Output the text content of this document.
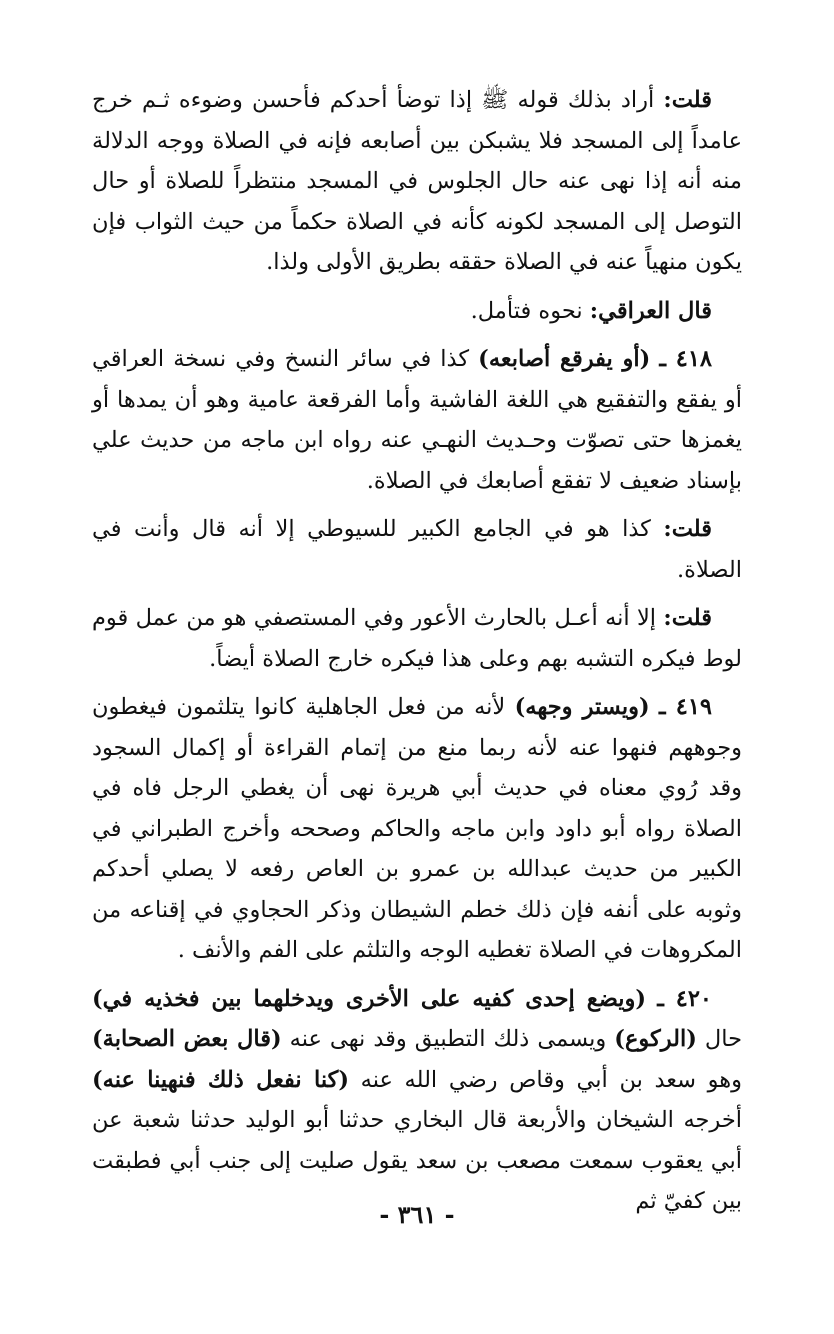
قلت: أراد بذلك قوله ﷺ إذا توضأ أحدكم فأحسن وضوءه ثـم خرج عامداً إلى المسجد فلا يشبكن بين أصابعه فإنه في الصلاة ووجه الدلالة منه أنه إذا نهى عنه حال الجلوس في المسجد منتظراً للصلاة أو حال التوصل إلى المسجد لكونه كأنه في الصلاة حكماً من حيث الثواب فإن يكون منهياً عنه في الصلاة حققه بطريق الأولى ولذا.

قال العراقي: نحوه فتأمل.

٤١٨ ـ (أو يفرقع أصابعه) كذا في سائر النسخ وفي نسخة العراقي أو يفقع والتفقيع هي اللغة الفاشية وأما الفرقعة عامية وهو أن يمدها أو يغمزها حتى تصوّت وحـديث النهـي عنه رواه ابن ماجه من حديث علي بإسناد ضعيف لا تفقع أصابعك في الصلاة.

قلت: كذا هو في الجامع الكبير للسيوطي إلا أنه قال وأنت في الصلاة.

قلت: إلا أنه أعـل بالحارث الأعور وفي المستصفي هو من عمل قوم لوط فيكره التشبه بهم وعلى هذا فيكره خارج الصلاة أيضاً.

٤١٩ ـ (ويستر وجهه) لأنه من فعل الجاهلية كانوا يتلثمون فيغطون وجوههم فنهوا عنه لأنه ربما منع من إتمام القراءة أو إكمال السجود وقد رُوي معناه في حديث أبي هريرة نهى أن يغطي الرجل فاه في الصلاة رواه أبو داود وابن ماجه والحاكم وصححه وأخرج الطبراني في الكبير من حديث عبدالله بن عمرو بن العاص رفعه لا يصلي أحدكم وثوبه على أنفه فإن ذلك خطم الشيطان وذكر الحجاوي في إقناعه من المكروهات في الصلاة تغطيه الوجه والتلثم على الفم والأنف .

٤٢٠ ـ (ويضع إحدى كفيه على الأخرى ويدخلهما بين فخذيه في) حال (الركوع) ويسمى ذلك التطبيق وقد نهى عنه (قال بعض الصحابة) وهو سعد بن أبي وقاص رضي الله عنه (كنا نفعل ذلك فنهينا عنه) أخرجه الشيخان والأربعة قال البخاري حدثنا أبو الوليد حدثنا شعبة عن أبي يعقوب سمعت مصعب بن سعد يقول صليت إلى جنب أبي فطبقت بين كفيّ ثم

- ٣٦١ -
